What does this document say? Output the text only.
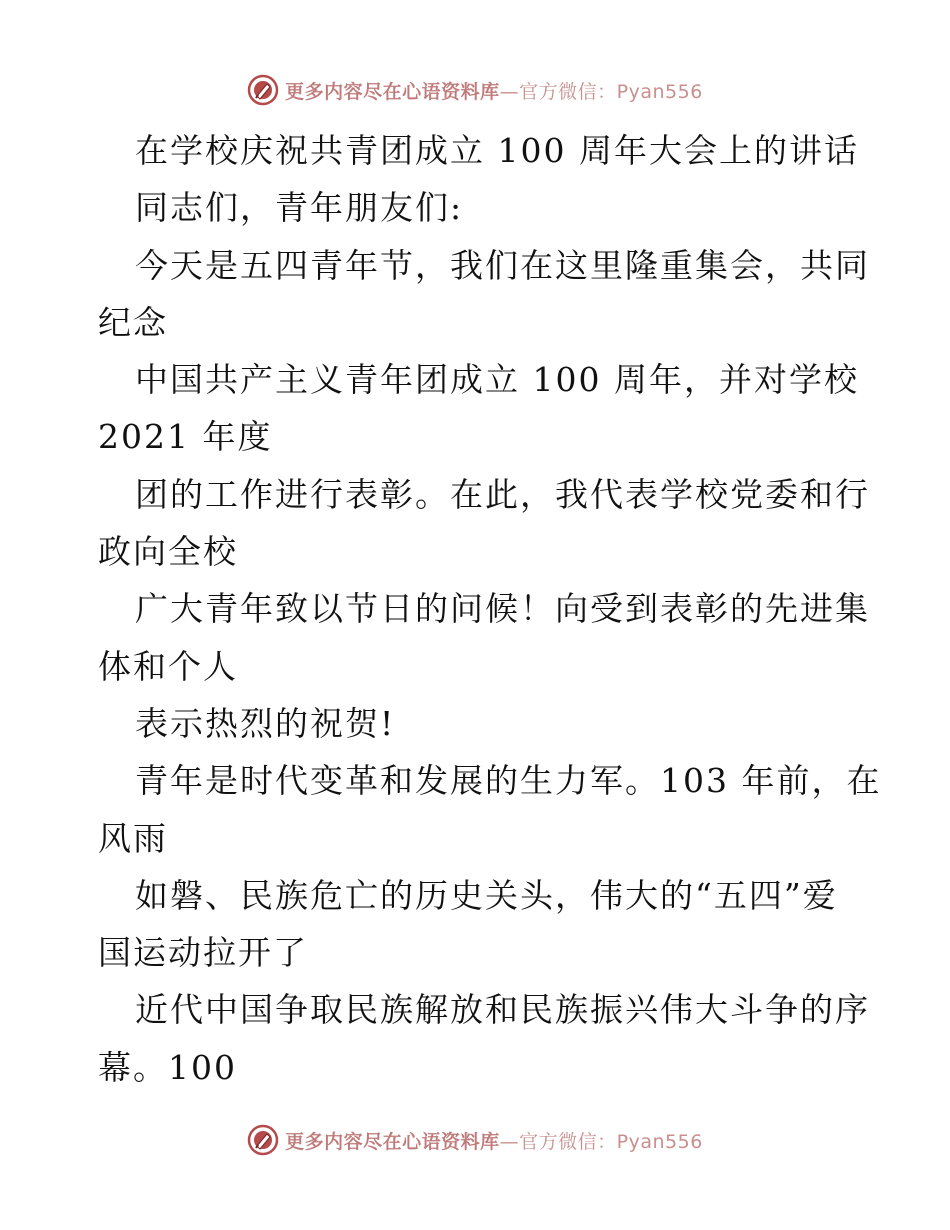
更多内容尽在心语资料库—官方微信：Pyan556
在学校庆祝共青团成立 100 周年大会上的讲话
同志们，青年朋友们:
今天是五四青年节，我们在这里隆重集会，共同
纪念
中国共产主义青年团成立 100 周年，并对学校
2021 年度
团的工作进行表彰。在此，我代表学校党委和行
政向全校
广大青年致以节日的问候！向受到表彰的先进集
体和个人
表示热烈的祝贺!
青年是时代变革和发展的生力军。103 年前，在
风雨
如磐、民族危亡的历史关头，伟大的“五四”爱
国运动拉开了
近代中国争取民族解放和民族振兴伟大斗争的序
幕。100
更多内容尽在心语资料库—官方微信：Pyan556
